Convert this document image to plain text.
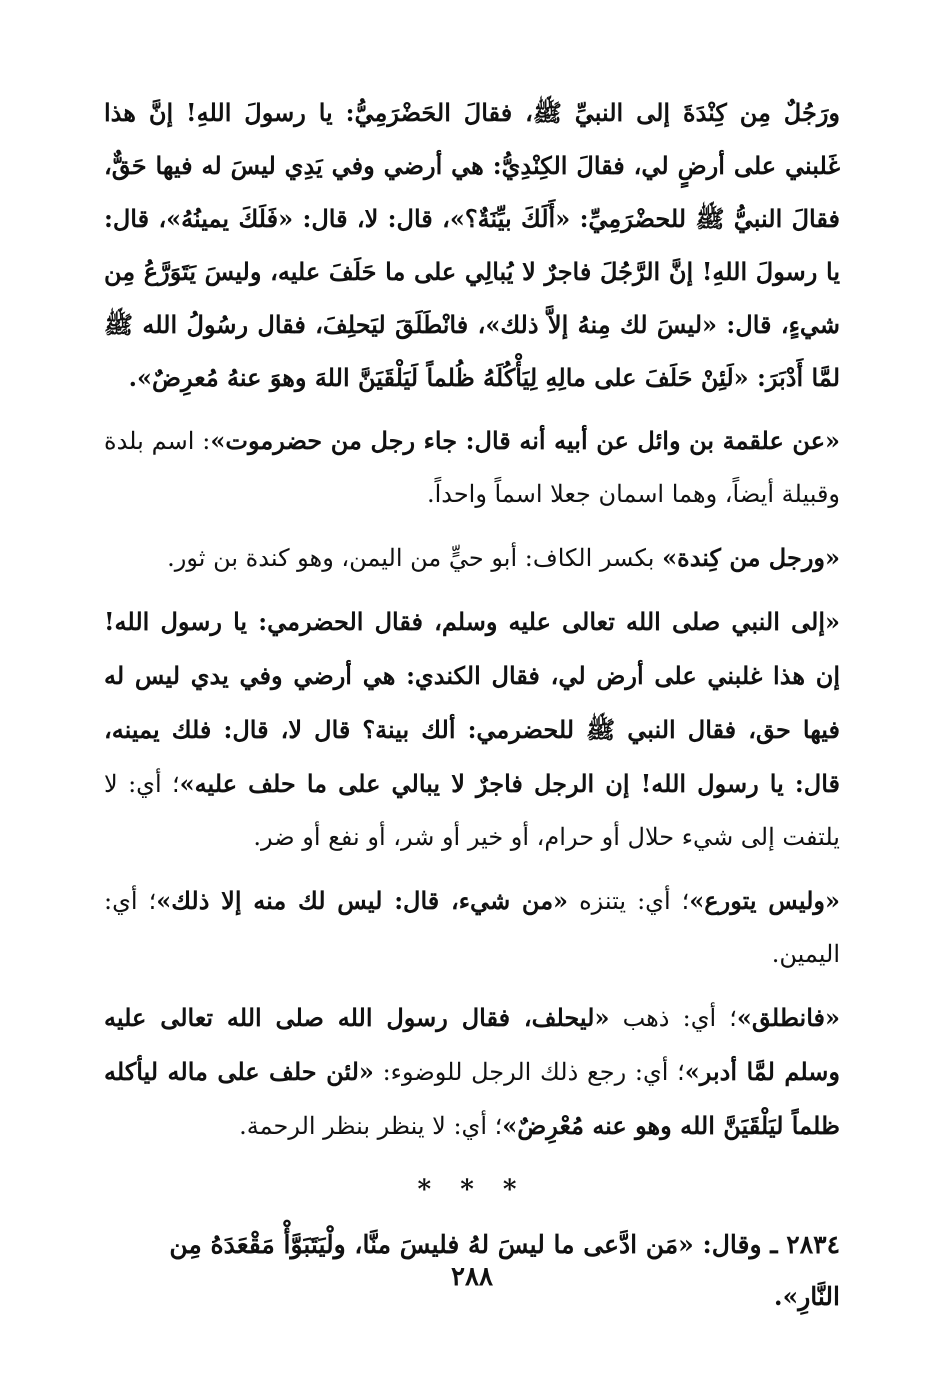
ورَجُلٌ مِن كِنْدَةَ إلى النبيِّ ﷺ، فقالَ الحَضْرَمِيُّ: يا رسولَ اللهِ! إنَّ هذا غَلبني على أرضٍ لي، فقالَ الكِنْدِيُّ: هي أرضي وفي يَدِي ليسَ له فيها حَقٌّ، فقالَ النبيُّ ﷺ للحضْرَمِيِّ: «أَلَكَ بيِّنَةٌ؟»، قال: لا، قال: «فَلَكَ يمينُهُ»، قال: يا رسولَ اللهِ! إنَّ الرَّجُلَ فاجرٌ لا يُبالِي على ما حَلَفَ عليه، وليسَ يَتَوَرَّعُ مِن شيءٍ، قال: «ليسَ لك مِنهُ إلاَّ ذلك»، فانْطَلَقَ ليَحلِفَ، فقال رسُولُ الله ﷺ لمَّا أَدْبَرَ: «لَئِنْ حَلَفَ على مالِهِ لِيَأْكُلَهُ ظُلماً لَيَلْقَيَنَّ اللهَ وهوَ عنهُ مُعرِضٌ».

«عن علقمة بن وائل عن أبيه أنه قال: جاء رجل من حضرموت»: اسم بلدة وقبيلة أيضاً، وهما اسمان جعلا اسماً واحداً.

«ورجل من كِندة» بكسر الكاف: أبو حيٍّ من اليمن، وهو كندة بن ثور.

«إلى النبي صلى الله تعالى عليه وسلم، فقال الحضرمي: يا رسول الله! إن هذا غلبني على أرض لي، فقال الكندي: هي أرضي وفي يدي ليس له فيها حق، فقال النبي ﷺ للحضرمي: ألك بينة؟ قال لا، قال: فلك يمينه، قال: يا رسول الله! إن الرجل فاجرٌ لا يبالي على ما حلف عليه»؛ أي: لا يلتفت إلى شيء حلال أو حرام، أو خير أو شر، أو نفع أو ضر.

«وليس يتورع»؛ أي: يتنزه «من شيء، قال: ليس لك منه إلا ذلك»؛ أي: اليمين.

«فانطلق»؛ أي: ذهب «ليحلف، فقال رسول الله صلى الله تعالى عليه وسلم لمَّا أدبر»؛ أي: رجع ذلك الرجل للوضوء: «لئن حلف على ماله ليأكله ظلماً ليَلْقَيَنَّ الله وهو عنه مُعْرِضٌ»؛ أي: لا ينظر بنظر الرحمة.

* * *

٢٨٣٤ ـ وقال: «مَن ادَّعى ما ليسَ لهُ فليسَ منَّا، ولْيَتَبَوَّأْ مَقْعَدَهُ مِن النَّارِ».

٢٨٨
